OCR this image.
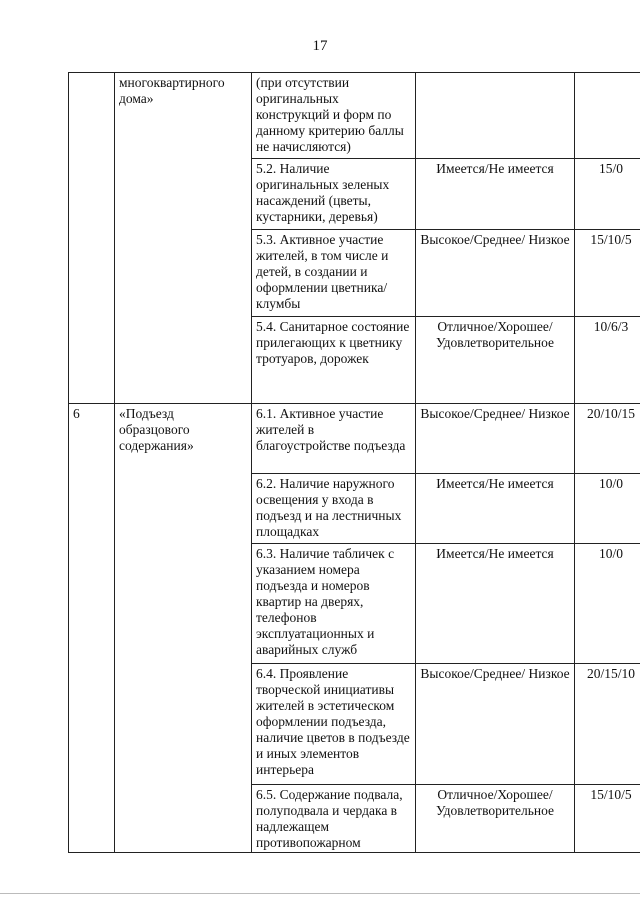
17
	многоквартирного дома»	(при отсутствии оригинальных конструкций и форм по данному критерию баллы не начисляются)		
		5.2. Наличие оригинальных зеленых насаждений (цветы, кустарники, деревья)	Имеется/Не имеется	15/0
		5.3. Активное участие жителей, в том числе и детей, в создании и оформлении цветника/клумбы	Высокое/Среднее/ Низкое	15/10/5
		5.4. Санитарное состояние прилегающих к цветнику тротуаров, дорожек	Отличное/Хорошее/ Удовлетворительное	10/6/3
6	«Подъезд образцового содержания»	6.1. Активное участие жителей в благоустройстве подъезда	Высокое/Среднее/ Низкое	20/10/15
		6.2. Наличие наружного освещения у входа в подъезд и на лестничных площадках	Имеется/Не имеется	10/0
		6.3. Наличие табличек с указанием номера подъезда и номеров квартир на дверях, телефонов эксплуатационных и аварийных служб	Имеется/Не имеется	10/0
		6.4. Проявление творческой инициативы жителей в эстетическом оформлении подъезда, наличие цветов в подъезде и иных элементов интерьера	Высокое/Среднее/ Низкое	20/15/10
		6.5. Содержание подвала, полуподвала и чердака в надлежащем противопожарном	Отличное/Хорошее/ Удовлетворительное	15/10/5
